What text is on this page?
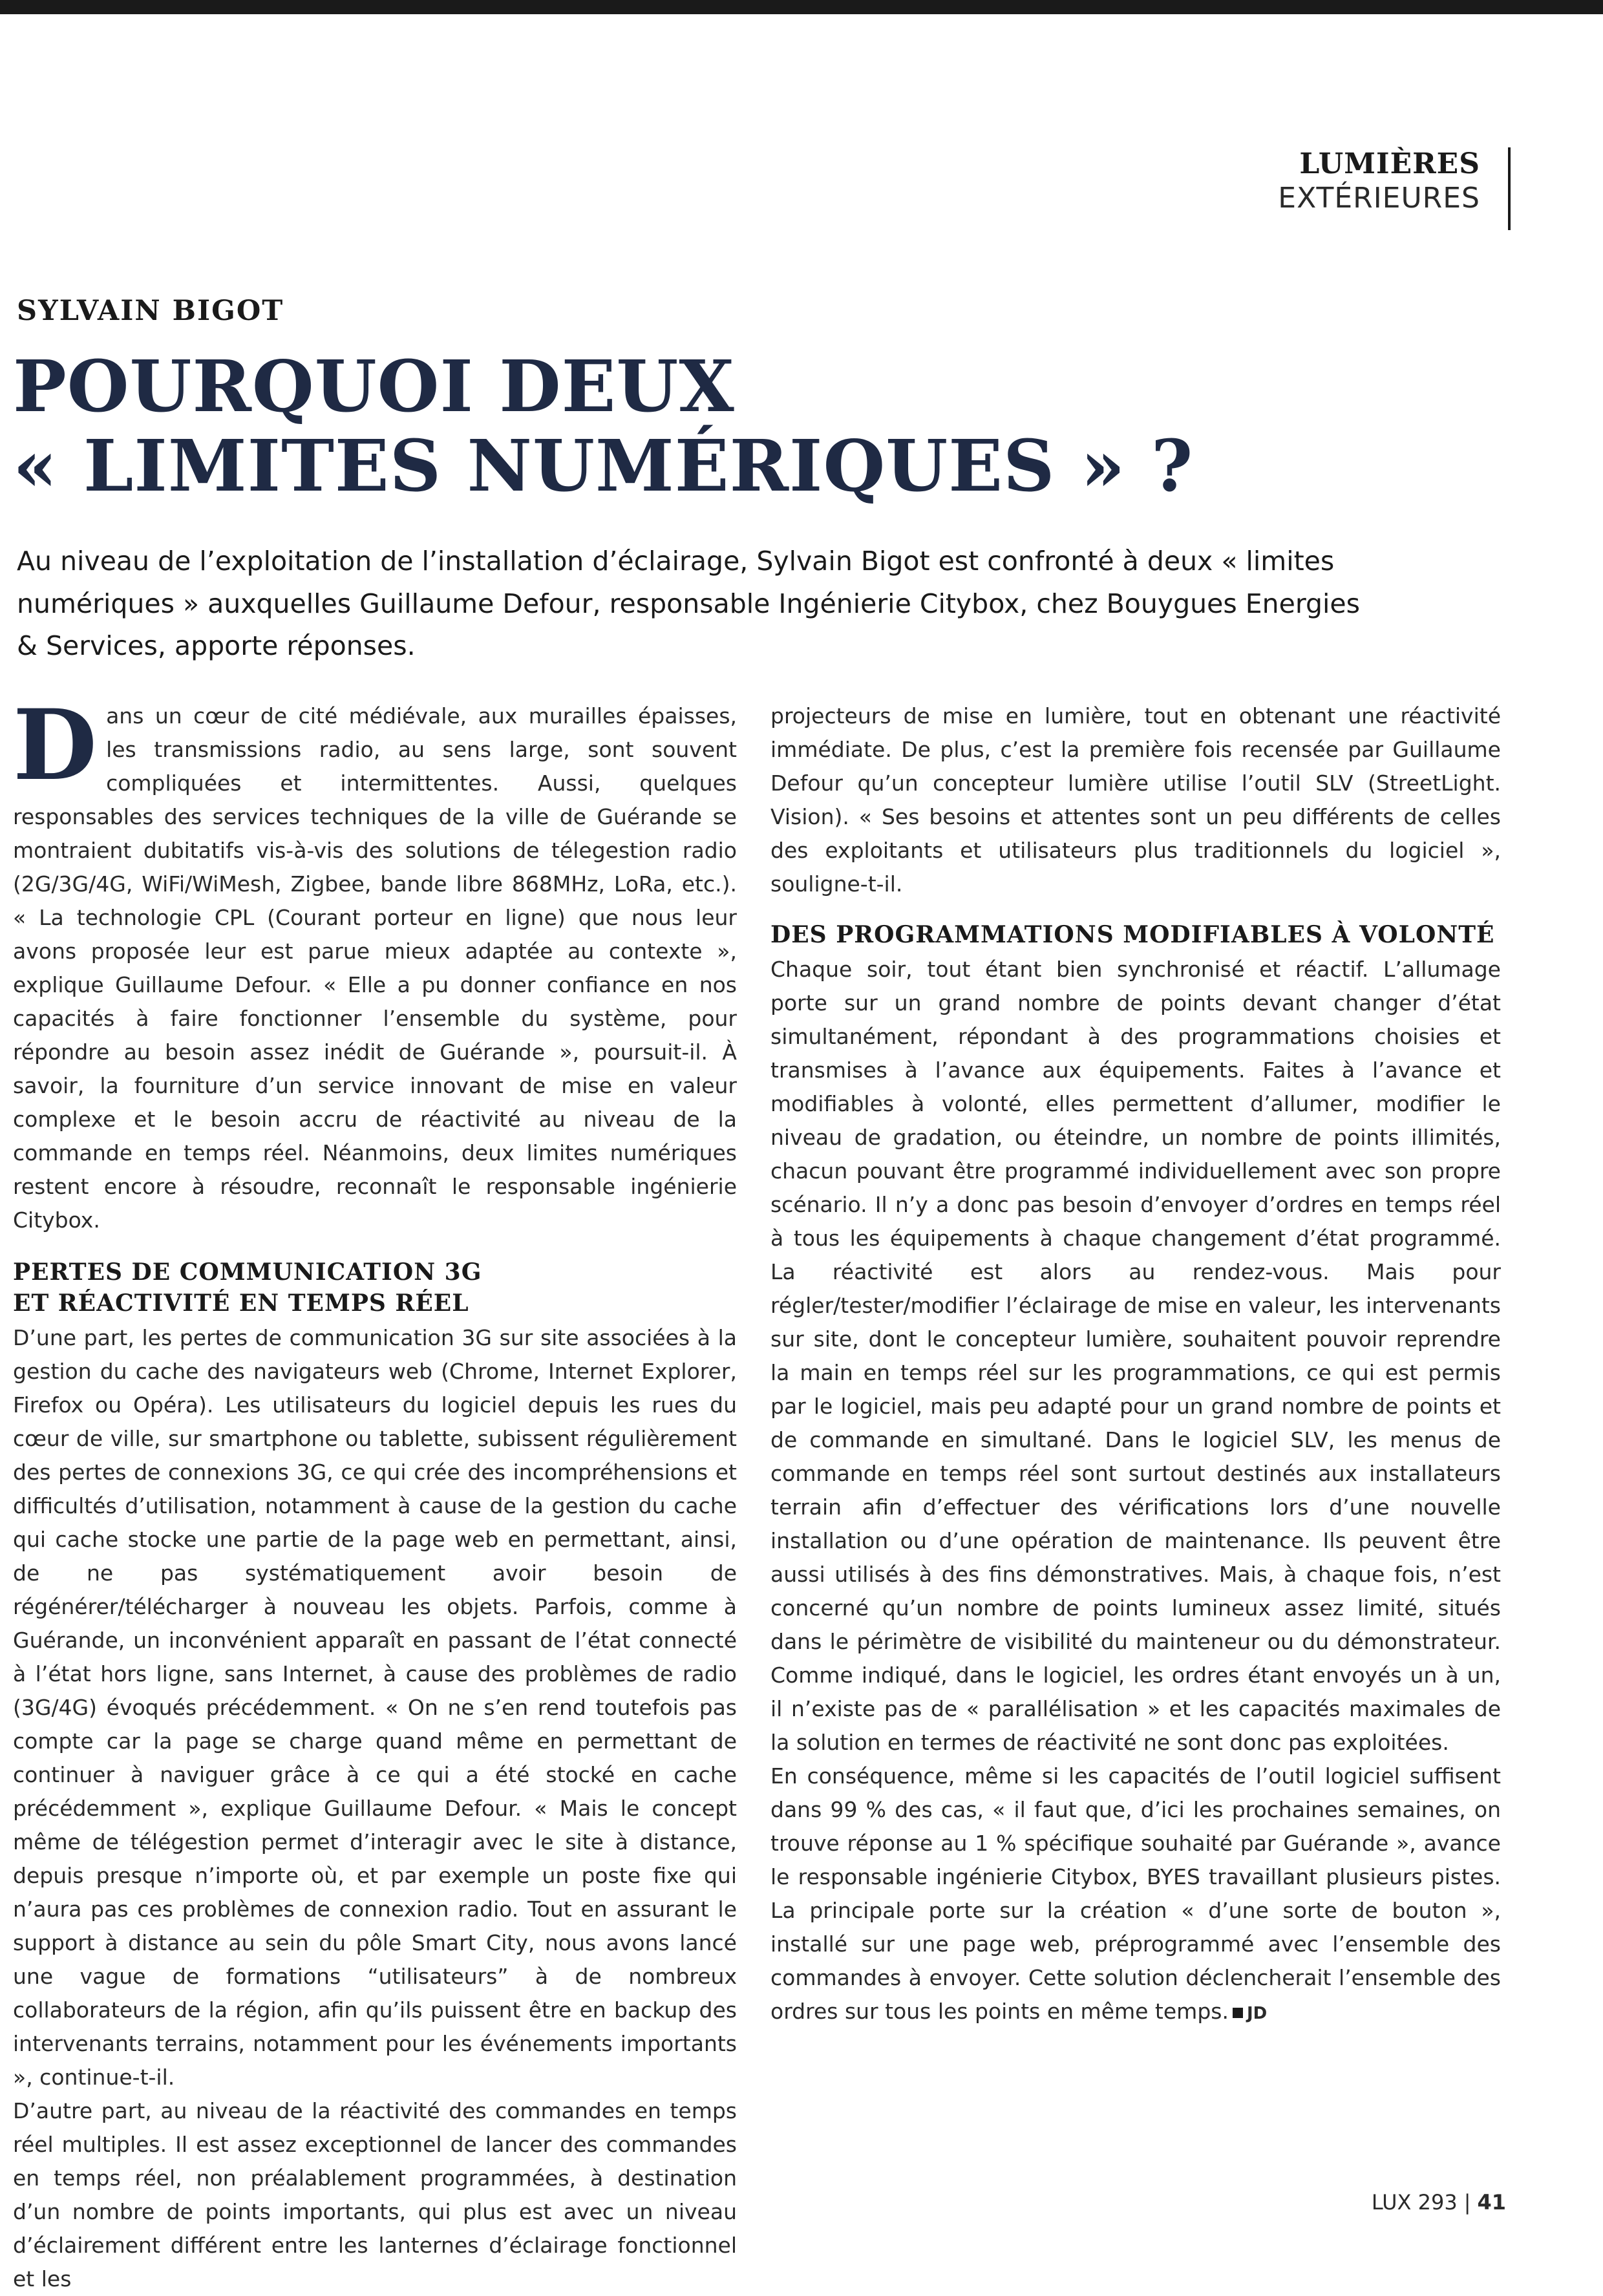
LUMIÈRES
EXTÉRIEURES
SYLVAIN BIGOT
POURQUOI DEUX
« LIMITES NUMÉRIQUES » ?
Au niveau de l’exploitation de l’installation d’éclairage, Sylvain Bigot est confronté à deux « limites numériques » auxquelles Guillaume Defour, responsable Ingénierie Citybox, chez Bouygues Energies & Services, apporte réponses.

Dans un cœur de cité médiévale, aux murailles épaisses, les transmissions radio, au sens large, sont souvent compliquées et intermittentes. Aussi, quelques responsables des services techniques de la ville de Guérande se montraient dubitatifs vis-à-vis des solutions de télegestion radio (2G/3G/4G, WiFi/WiMesh, Zigbee, bande libre 868MHz, LoRa, etc.). « La technologie CPL (Courant porteur en ligne) que nous leur avons proposée leur est parue mieux adaptée au contexte », explique Guillaume Defour. « Elle a pu donner confiance en nos capacités à faire fonctionner l’ensemble du système, pour répondre au besoin assez inédit de Guérande », poursuit-il. À savoir, la fourniture d’un service innovant de mise en valeur complexe et le besoin accru de réactivité au niveau de la commande en temps réel. Néanmoins, deux limites numériques restent encore à résoudre, reconnaît le responsable ingénierie Citybox.

PERTES DE COMMUNICATION 3G
ET RÉACTIVITÉ EN TEMPS RÉEL

D’une part, les pertes de communication 3G sur site associées à la gestion du cache des navigateurs web (Chrome, Internet Explorer, Firefox ou Opéra). Les utilisateurs du logiciel depuis les rues du cœur de ville, sur smartphone ou tablette, subissent régulièrement des pertes de connexions 3G, ce qui crée des incompréhensions et difficultés d’utilisation, notamment à cause de la gestion du cache qui cache stocke une partie de la page web en permettant, ainsi, de ne pas systématiquement avoir besoin de régénérer/télécharger à nouveau les objets. Parfois, comme à Guérande, un inconvénient apparaît en passant de l’état connecté à l’état hors ligne, sans Internet, à cause des problèmes de radio (3G/4G) évoqués précédemment. « On ne s’en rend toutefois pas compte car la page se charge quand même en permettant de continuer à naviguer grâce à ce qui a été stocké en cache précédemment », explique Guillaume Defour. « Mais le concept même de télégestion permet d’interagir avec le site à distance, depuis presque n’importe où, et par exemple un poste fixe qui n’aura pas ces problèmes de connexion radio. Tout en assurant le support à distance au sein du pôle Smart City, nous avons lancé une vague de formations “utilisateurs” à de nombreux collaborateurs de la région, afin qu’ils puissent être en backup des intervenants terrains, notamment pour les événements importants », continue-t-il.

D’autre part, au niveau de la réactivité des commandes en temps réel multiples. Il est assez exceptionnel de lancer des commandes en temps réel, non préalablement programmées, à destination d’un nombre de points importants, qui plus est avec un niveau d’éclairement différent entre les lanternes d’éclairage fonctionnel et les

projecteurs de mise en lumière, tout en obtenant une réactivité immédiate. De plus, c’est la première fois recensée par Guillaume Defour qu’un concepteur lumière utilise l’outil SLV (StreetLight. Vision). « Ses besoins et attentes sont un peu différents de celles des exploitants et utilisateurs plus traditionnels du logiciel », souligne-t-il.

DES PROGRAMMATIONS MODIFIABLES À VOLONTÉ

Chaque soir, tout étant bien synchronisé et réactif. L’allumage porte sur un grand nombre de points devant changer d’état simultanément, répondant à des programmations choisies et transmises à l’avance aux équipements. Faites à l’avance et modifiables à volonté, elles permettent d’allumer, modifier le niveau de gradation, ou éteindre, un nombre de points illimités, chacun pouvant être programmé individuellement avec son propre scénario. Il n’y a donc pas besoin d’envoyer d’ordres en temps réel à tous les équipements à chaque changement d’état programmé. La réactivité est alors au rendez-vous. Mais pour régler/tester/modifier l’éclairage de mise en valeur, les intervenants sur site, dont le concepteur lumière, souhaitent pouvoir reprendre la main en temps réel sur les programmations, ce qui est permis par le logiciel, mais peu adapté pour un grand nombre de points et de commande en simultané. Dans le logiciel SLV, les menus de commande en temps réel sont surtout destinés aux installateurs terrain afin d’effectuer des vérifications lors d’une nouvelle installation ou d’une opération de maintenance. Ils peuvent être aussi utilisés à des fins démonstratives. Mais, à chaque fois, n’est concerné qu’un nombre de points lumineux assez limité, situés dans le périmètre de visibilité du mainteneur ou du démonstrateur. Comme indiqué, dans le logiciel, les ordres étant envoyés un à un, il n’existe pas de « parallélisation » et les capacités maximales de la solution en termes de réactivité ne sont donc pas exploitées.

En conséquence, même si les capacités de l’outil logiciel suffisent dans 99 % des cas, « il faut que, d’ici les prochaines semaines, on trouve réponse au 1 % spécifique souhaité par Guérande », avance le responsable ingénierie Citybox, BYES travaillant plusieurs pistes. La principale porte sur la création « d’une sorte de bouton », installé sur une page web, préprogrammé avec l’ensemble des commandes à envoyer. Cette solution déclencherait l’ensemble des ordres sur tous les points en même temps. JD

LUX 293 | 41
